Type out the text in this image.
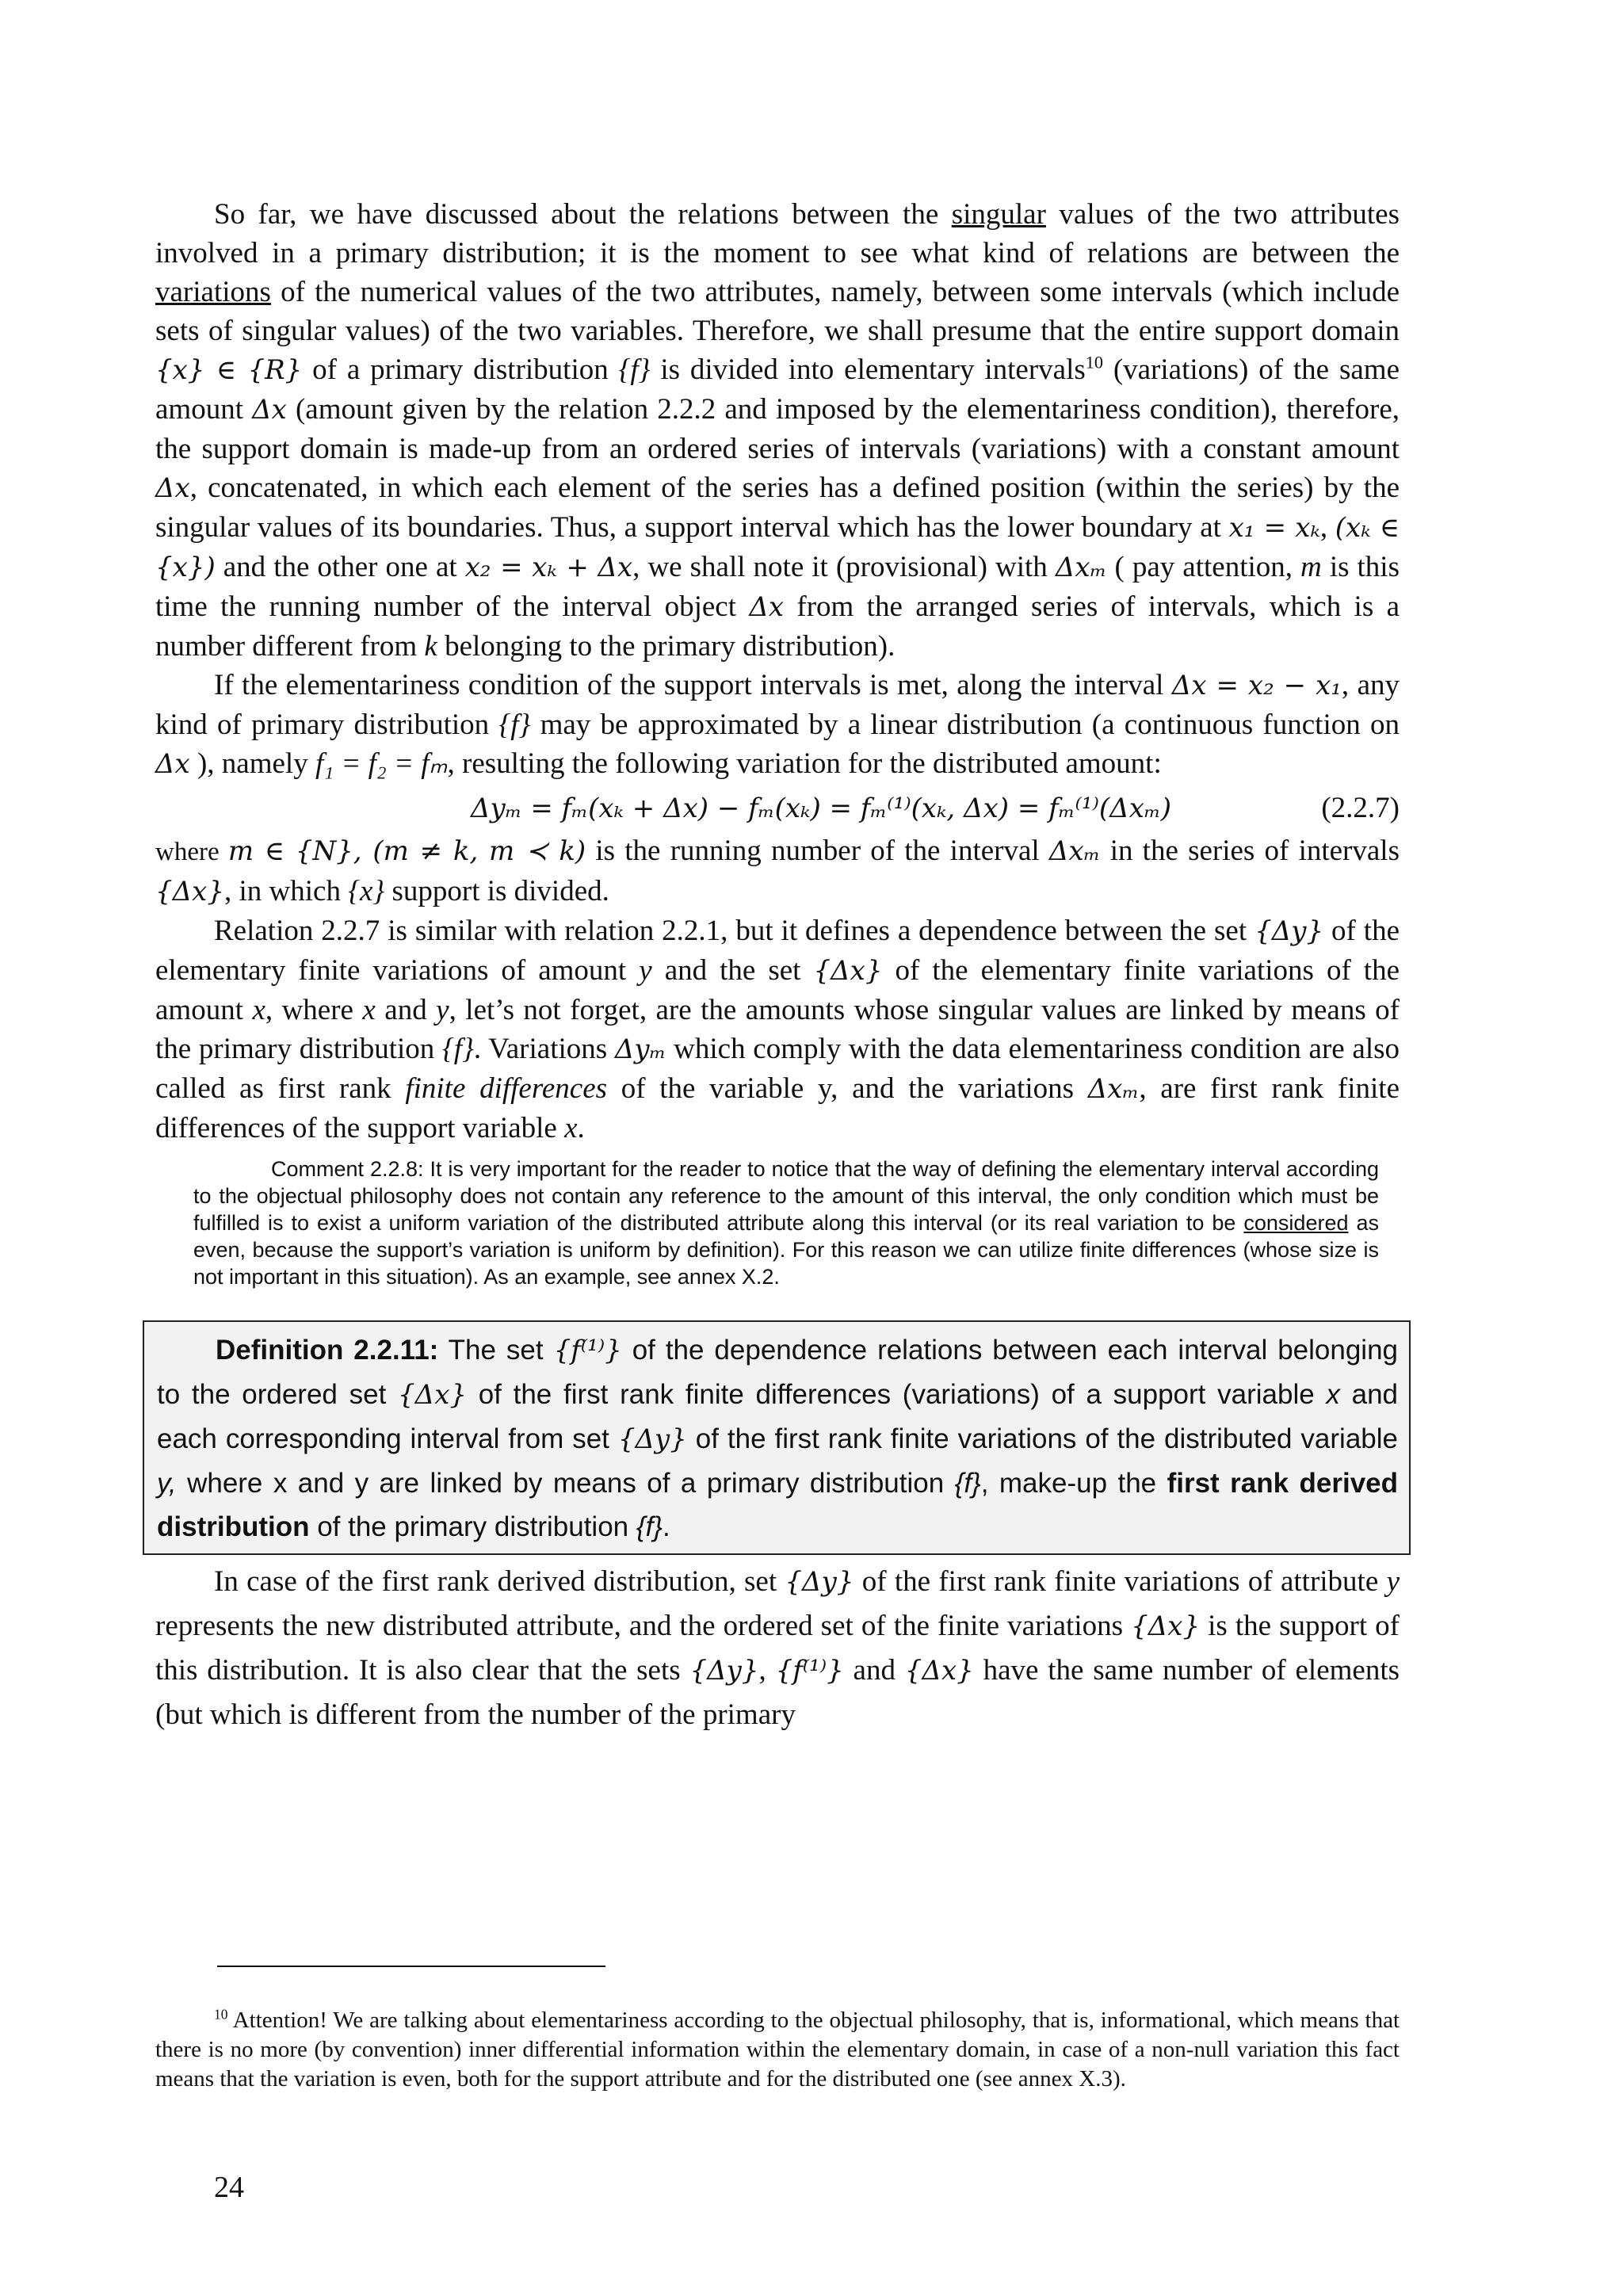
So far, we have discussed about the relations between the singular values of the two attributes involved in a primary distribution; it is the moment to see what kind of relations are between the variations of the numerical values of the two attributes, namely, between some intervals (which include sets of singular values) of the two variables. Therefore, we shall presume that the entire support domain {x} ∈ {R} of a primary distribution {f} is divided into elementary intervals$^{10}$ (variations) of the same amount Δx (amount given by the relation 2.2.2 and imposed by the elementariness condition), therefore, the support domain is made-up from an ordered series of intervals (variations) with a constant amount Δx, concatenated, in which each element of the series has a defined position (within the series) by the singular values of its boundaries. Thus, a support interval which has the lower boundary at x₁ = xₖ, (xₖ ∈ {x}) and the other one at x₂ = xₖ + Δx, we shall note it (provisional) with Δxₘ ( pay attention, m is this time the running number of the interval object Δx from the arranged series of intervals, which is a number different from k belonging to the primary distribution).

If the elementariness condition of the support intervals is met, along the interval Δx = x₂ − x₁, any kind of primary distribution {f} may be approximated by a linear distribution (a continuous function on Δx ), namely f₁ = f₂ = fₘ, resulting the following variation for the distributed amount:

Δyₘ = fₘ(xₖ + Δx) − fₘ(xₖ) = fₘ⁽¹⁾(xₖ, Δx) = fₘ⁽¹⁾(Δxₘ)	(2.2.7)

where m ∈ {N}, (m ≠ k, m ≺ k) is the running number of the interval Δxₘ in the series of intervals {Δx}, in which {x} support is divided.

Relation 2.2.7 is similar with relation 2.2.1, but it defines a dependence between the set {Δy} of the elementary finite variations of amount y and the set {Δx} of the elementary finite variations of the amount x, where x and y, let’s not forget, are the amounts whose singular values are linked by means of the primary distribution {f}. Variations Δyₘ which comply with the data elementariness condition are also called as first rank finite differences of the variable y, and the variations Δxₘ, are first rank finite differences of the support variable x.

Comment 2.2.8: It is very important for the reader to notice that the way of defining the elementary interval according to the objectual philosophy does not contain any reference to the amount of this interval, the only condition which must be fulfilled is to exist a uniform variation of the distributed attribute along this interval (or its real variation to be considered as even, because the support’s variation is uniform by definition). For this reason we can utilize finite differences (whose size is not important in this situation). As an example, see annex X.2.

Definition 2.2.11: The set {f⁽¹⁾} of the dependence relations between each interval belonging to the ordered set {Δx} of the first rank finite differences (variations) of a support variable x and each corresponding interval from set {Δy} of the first rank finite variations of the distributed variable y, where x and y are linked by means of a primary distribution {f}, make-up the first rank derived distribution of the primary distribution {f}.

In case of the first rank derived distribution, set {Δy} of the first rank finite variations of attribute y represents the new distributed attribute, and the ordered set of the finite variations {Δx} is the support of this distribution. It is also clear that the sets {Δy}, {f⁽¹⁾} and {Δx} have the same number of elements (but which is different from the number of the primary

$^{10}$ Attention! We are talking about elementariness according to the objectual philosophy, that is, informational, which means that there is no more (by convention) inner differential information within the elementary domain, in case of a non-null variation this fact means that the variation is even, both for the support attribute and for the distributed one (see annex X.3).

24
